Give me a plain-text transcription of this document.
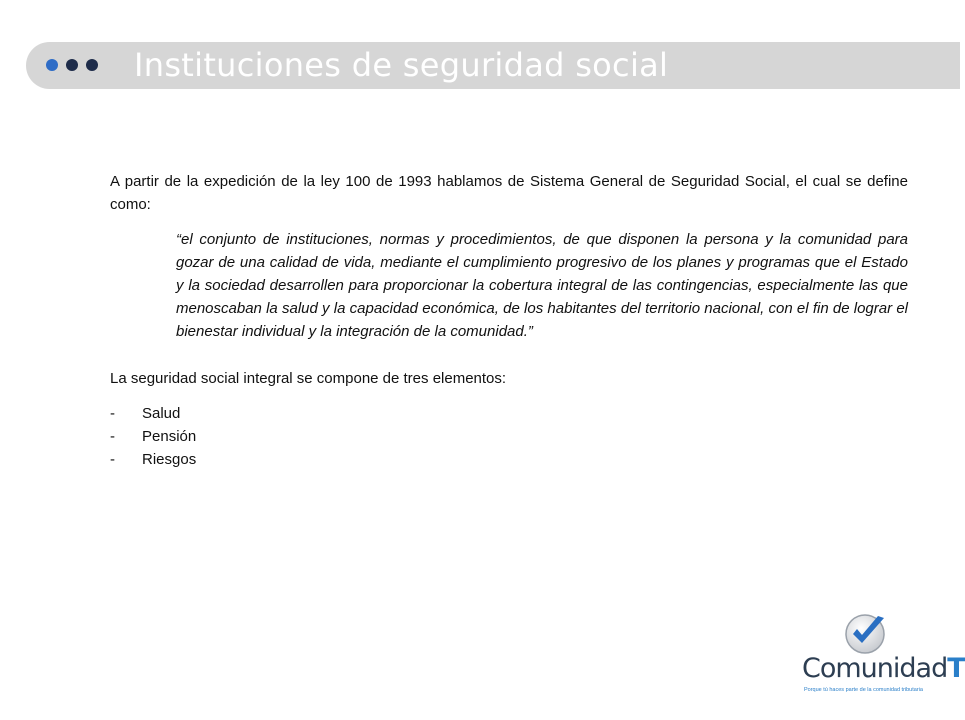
Instituciones de seguridad social

A partir de la expedición de la ley 100 de 1993 hablamos de Sistema General de Seguridad Social, el cual se define como:

“el conjunto de instituciones, normas y procedimientos, de que disponen la persona y la comunidad para gozar de una calidad de vida, mediante el cumplimiento progresivo de los planes y programas que el Estado y la sociedad desarrollen para proporcionar la cobertura integral de las contingencias, especialmente las que menoscaban la salud y la capacidad económica, de los habitantes del territorio nacional, con el fin de lograr el bienestar individual y la integración de la comunidad.”

La seguridad social integral se compone de tres elementos:

- Salud
- Pensión
- Riesgos
ComunidadT
Porque tú haces parte de la comunidad tributaria
